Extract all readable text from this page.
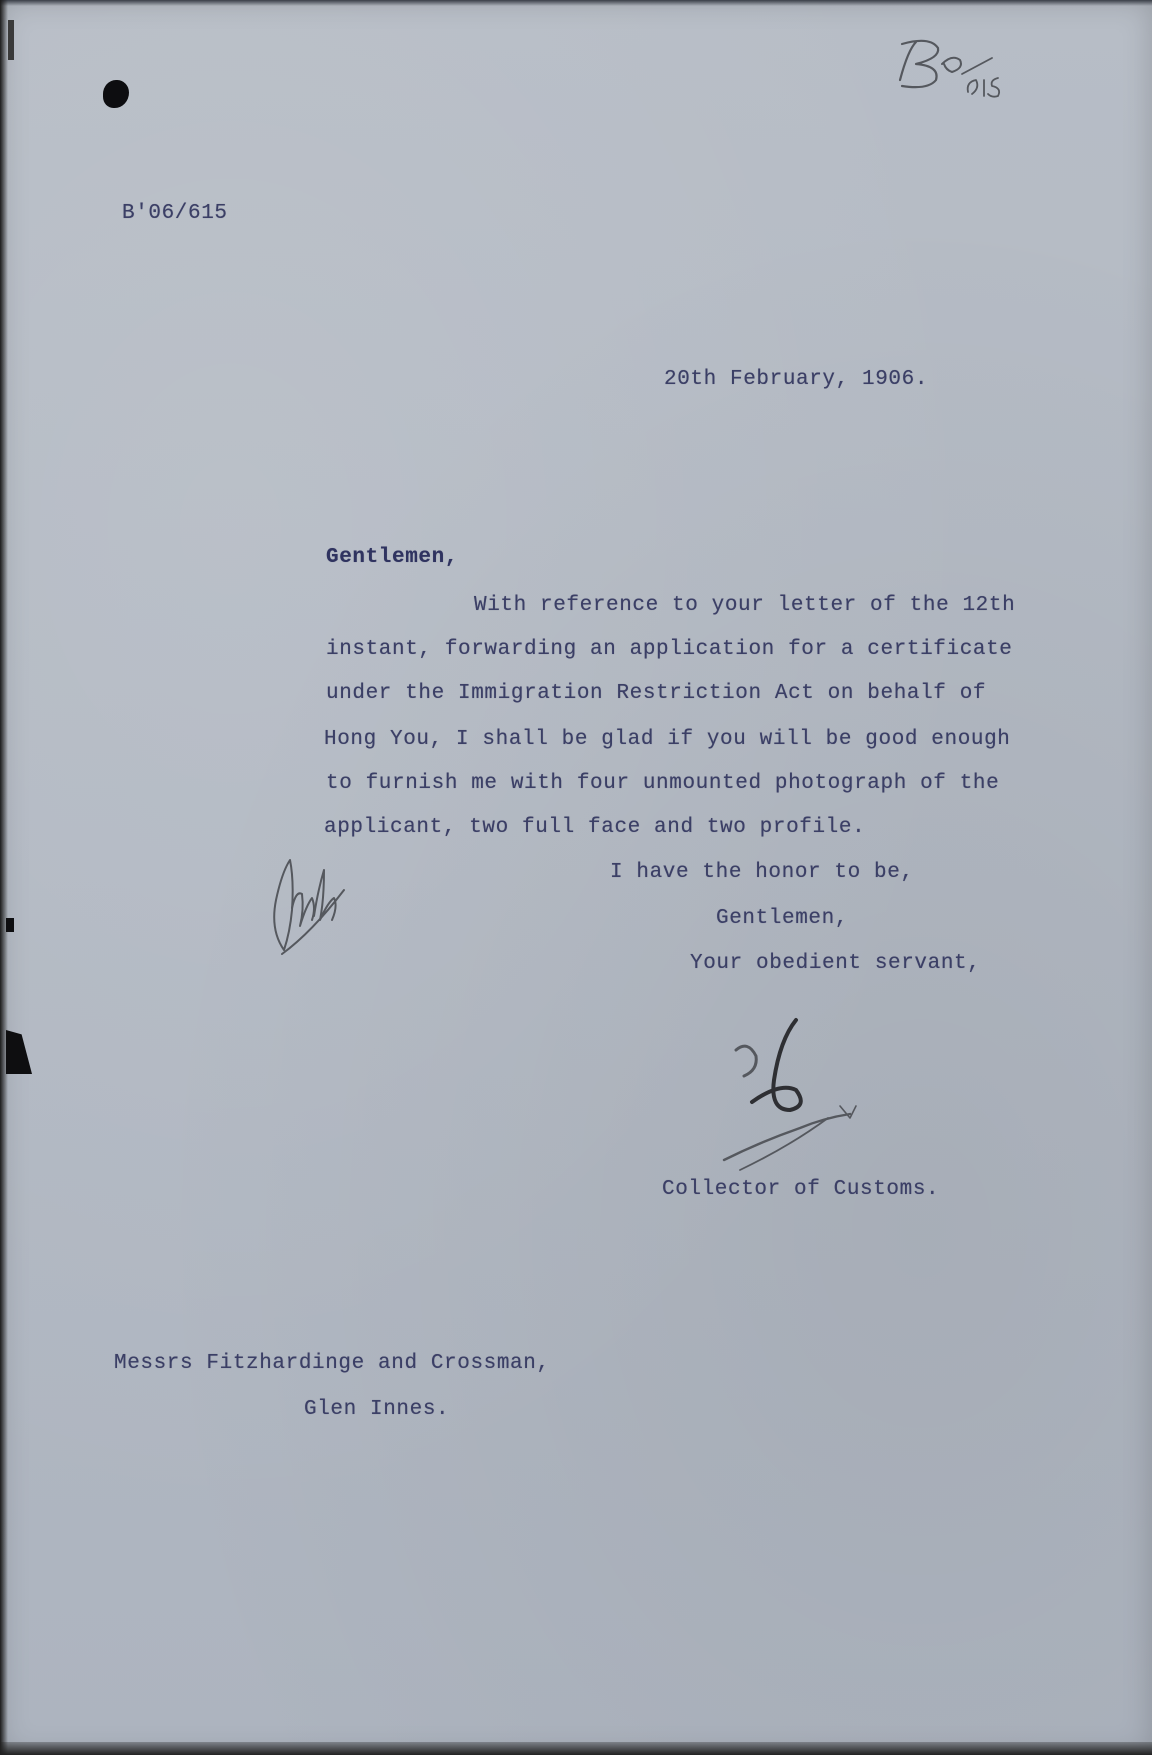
B'06/615
20th February, 1906.
Gentlemen,
With reference to your letter of the 12th
instant, forwarding an application for a certificate
under the Immigration Restriction Act on behalf of
Hong You, I shall be glad if you will be good enough
to furnish me with four unmounted photograph of the
applicant, two full face and two profile.
I have the honor to be,
Gentlemen,
Your obedient servant,
Collector of Customs.
Messrs Fitzhardinge and Crossman,
Glen Innes.
